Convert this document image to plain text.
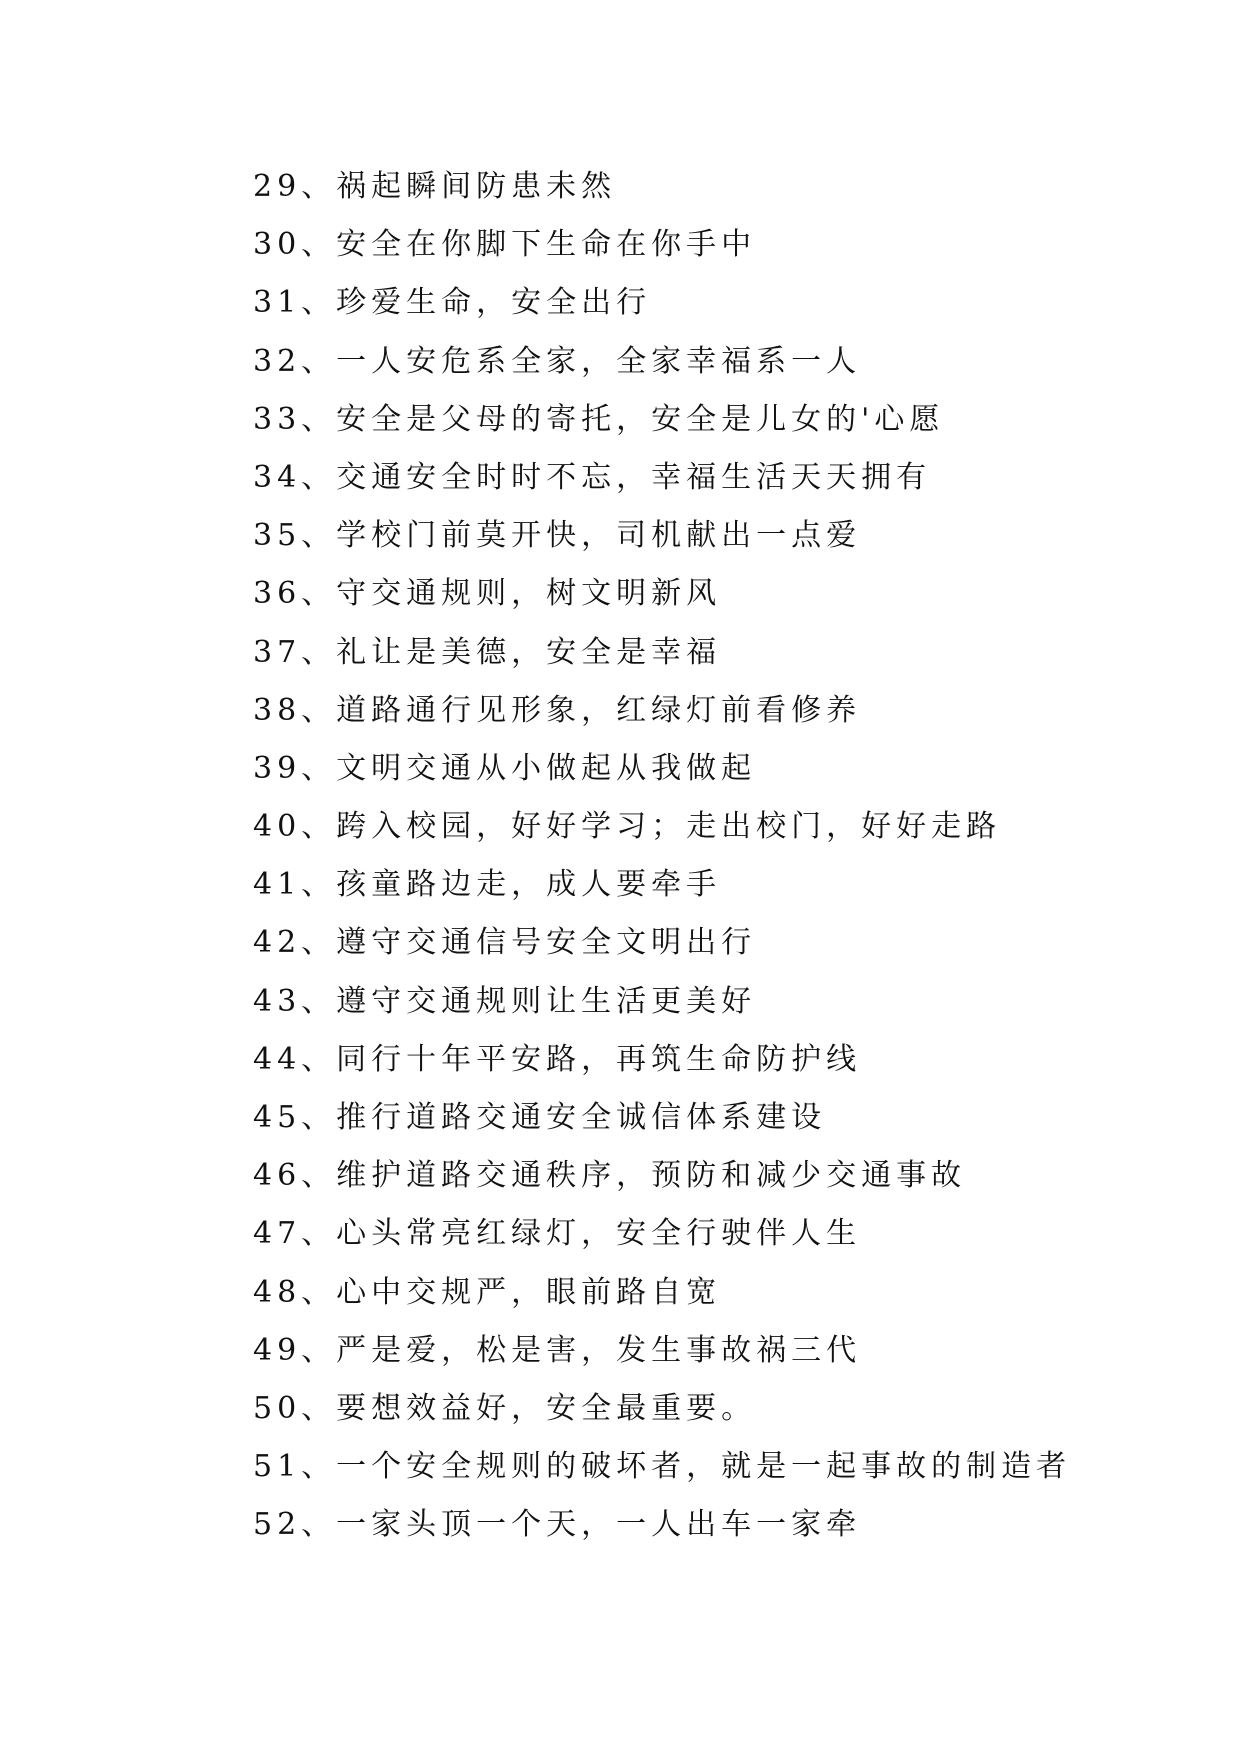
29、祸起瞬间防患未然
30、安全在你脚下生命在你手中
31、珍爱生命，安全出行
32、一人安危系全家，全家幸福系一人
33、安全是父母的寄托，安全是儿女的'心愿
34、交通安全时时不忘，幸福生活天天拥有
35、学校门前莫开快，司机献出一点爱
36、守交通规则，树文明新风
37、礼让是美德，安全是幸福
38、道路通行见形象，红绿灯前看修养
39、文明交通从小做起从我做起
40、跨入校园，好好学习；走出校门，好好走路
41、孩童路边走，成人要牵手
42、遵守交通信号安全文明出行
43、遵守交通规则让生活更美好
44、同行十年平安路，再筑生命防护线
45、推行道路交通安全诚信体系建设
46、维护道路交通秩序，预防和减少交通事故
47、心头常亮红绿灯，安全行驶伴人生
48、心中交规严，眼前路自宽
49、严是爱，松是害，发生事故祸三代
50、要想效益好，安全最重要。
51、一个安全规则的破坏者，就是一起事故的制造者
52、一家头顶一个天，一人出车一家牵
